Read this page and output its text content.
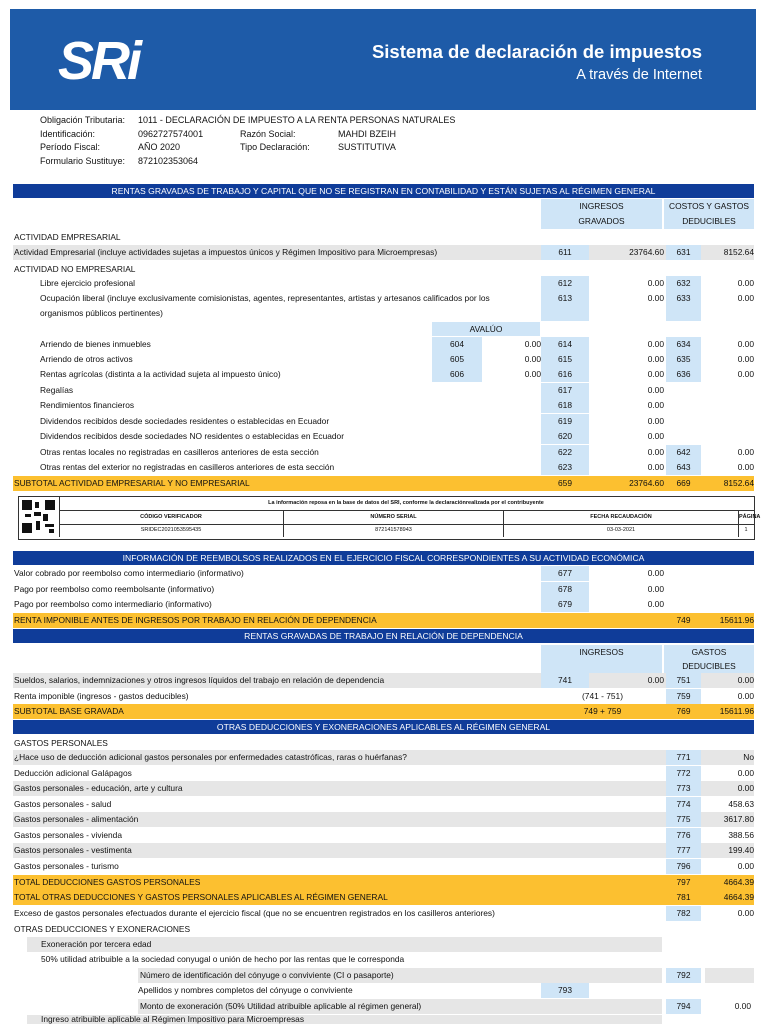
SRi	Sistema de declaración de impuestos
A través de Internet
Obligación Tributaria: 1011 - DECLARACIÓN DE IMPUESTO A LA RENTA PERSONAS NATURALES
Identificación:	0962727574001	Razón Social:	MAHDI BZEIH
Período Fiscal:	AÑO 2020	Tipo Declaración:	SUSTITUTIVA
Formulario Sustituye: 872102353064
RENTAS GRAVADAS DE TRABAJO Y CAPITAL QUE NO SE REGISTRAN EN CONTABILIDAD Y ESTÁN SUJETAS AL RÉGIMEN GENERAL
INGRESOS
GRAVADOS
COSTOS Y GASTOS
DEDUCIBLES
ACTIVIDAD EMPRESARIAL
Actividad Empresarial (incluye actividades sujetas a impuestos únicos y Régimen Impositivo para Microempresas)	611	23764.60	631	8152.64
ACTIVIDAD NO EMPRESARIAL
Libre ejercicio profesional	612	0.00	632	0.00
Ocupación liberal (incluye exclusivamente comisionistas, agentes, representantes, artistas y artesanos calificados por los
organismos públicos pertinentes)
613	0.00	633	0.00
AVALÚO
Arriendo de bienes inmuebles	604	0.00	614	0.00	634	0.00
Arriendo de otros activos	605	0.00	615	0.00	635	0.00
Rentas agrícolas (distinta a la actividad sujeta al impuesto único)	606	0.00	616	0.00	636	0.00
Regalías	617	0.00
Rendimientos financieros	618	0.00
Dividendos recibidos desde sociedades residentes o establecidas en Ecuador	619	0.00
Dividendos recibidos desde sociedades NO residentes o establecidas en Ecuador	620	0.00
Otras rentas locales no registradas en casilleros anteriores de esta sección	622	0.00	642	0.00
Otras rentas del exterior no registradas en casilleros anteriores de esta sección	623	0.00	643	0.00
SUBTOTAL ACTIVIDAD EMPRESARIAL Y NO EMPRESARIAL	659	23764.60	669	8152.64
La información reposa en la base de datos del SRI, conforme la declaraciónrealizada por el contribuyente
CÓDIGO VERIFICADOR	NÚMERO SERIAL	FECHA RECAUDACIÓN	PÁGINA
SRIDEC2021053595435	872141578943	03-03-2021	1
INFORMACIÓN DE REEMBOLSOS REALIZADOS EN EL EJERCICIO FISCAL CORRESPONDIENTES A SU ACTIVIDAD ECONÓMICA
Valor cobrado por reembolso como intermediario (informativo)	677	0.00
Pago por reembolso como reembolsante (informativo)	678	0.00
Pago por reembolso como intermediario (informativo)	679	0.00
RENTA IMPONIBLE ANTES DE INGRESOS POR TRABAJO EN RELACIÓN DE DEPENDENCIA	749	15611.96
RENTAS GRAVADAS DE TRABAJO EN RELACIÓN DE DEPENDENCIA
INGRESOS	GASTOS
DEDUCIBLES
Sueldos, salarios, indemnizaciones y otros ingresos líquidos del trabajo en relación de dependencia	741	0.00	751	0.00
Renta imponible (ingresos - gastos deducibles)	(741 - 751)	759	0.00
SUBTOTAL BASE GRAVADA	749 + 759	769	15611.96
OTRAS DEDUCCIONES Y EXONERACIONES APLICABLES AL RÉGIMEN GENERAL
GASTOS PERSONALES
¿Hace uso de deducción adicional gastos personales por enfermedades catastróficas, raras o huérfanas?	771	No
Deducción adicional Galápagos	772	0.00
Gastos personales - educación, arte y cultura	773	0.00
Gastos personales - salud	774	458.63
Gastos personales - alimentación	775	3617.80
Gastos personales - vivienda	776	388.56
Gastos personales - vestimenta	777	199.40
Gastos personales - turismo	796	0.00
TOTAL DEDUCCIONES GASTOS PERSONALES	797	4664.39
TOTAL OTRAS DEDUCCIONES Y GASTOS PERSONALES APLICABLES AL RÉGIMEN GENERAL	781	4664.39
Exceso de gastos personales efectuados durante el ejercicio fiscal (que no se encuentren registrados en los casilleros anteriores)	782	0.00
OTRAS DEDUCCIONES Y EXONERACIONES
Exoneración por tercera edad
50% utilidad atribuible a la sociedad conyugal o unión de hecho por las rentas que le corresponda
Número de identificación del cónyuge o conviviente (CI o pasaporte)	792
Apellidos y nombres completos del cónyuge o conviviente	793
Monto de exoneración (50% Utilidad atribuible aplicable al régimen general)	794	0.00
Ingreso atribuible aplicable al Régimen Impositivo para Microempresas
